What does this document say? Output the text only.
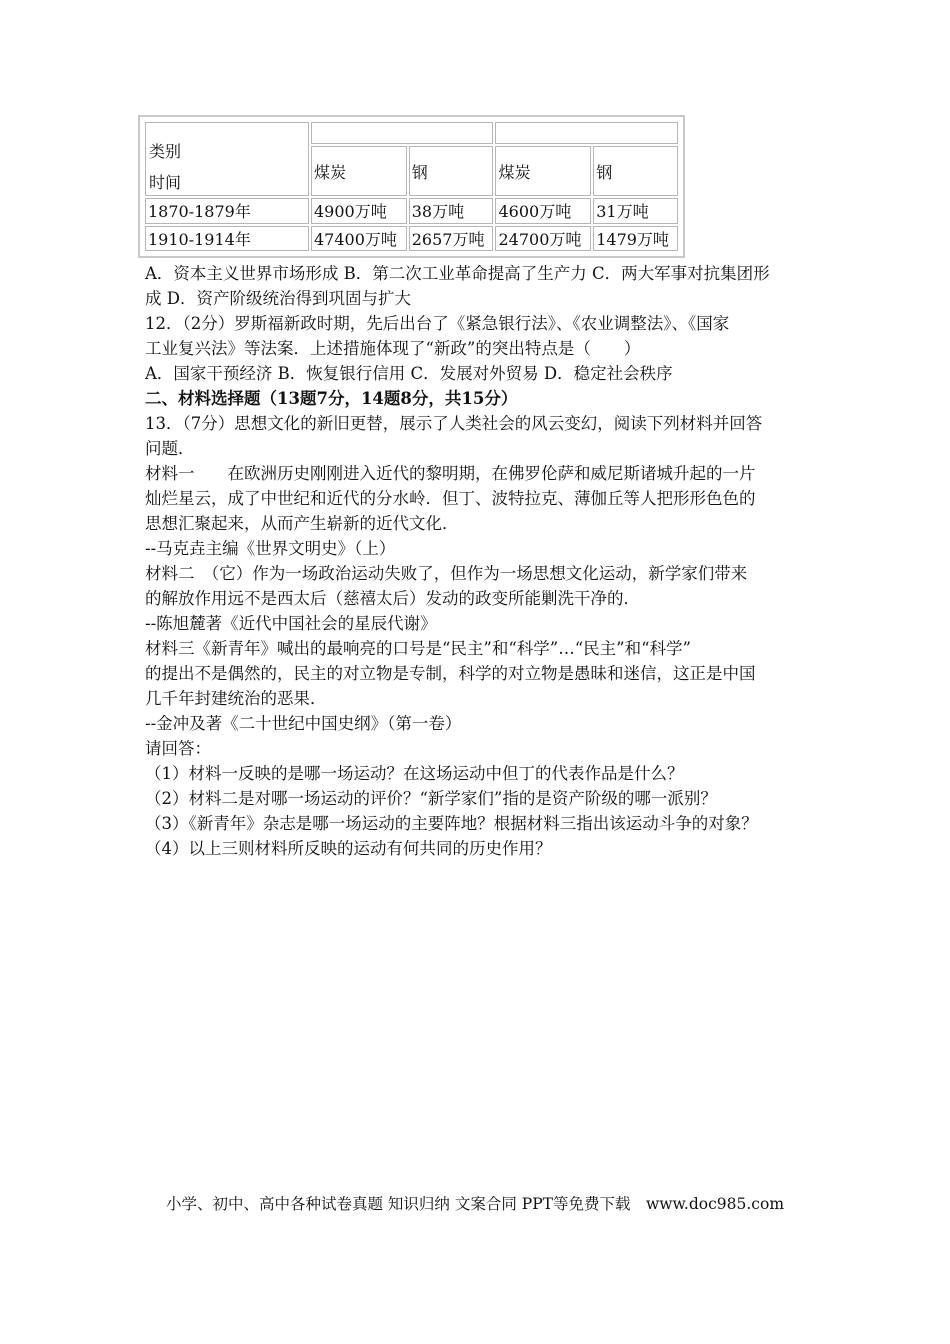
类别
时间				

	煤炭	钢	煤炭	钢
1870-1879年	4900万吨	38万吨	4600万吨	31万吨
1910-1914年	47400万吨	2657万吨	24700万吨	1479万吨
A．资本主义世界市场形成 B．第二次工业革命提高了生产力 C．两大军事对抗集团形
成 D．资产阶级统治得到巩固与扩大
12．（2分）罗斯福新政时期，先后出台了《紧急银行法》、《农业调整法》、《国家
工业复兴法》等法案．上述措施体现了“新政”的突出特点是（　　）
A．国家干预经济 B．恢复银行信用 C．发展对外贸易 D．稳定社会秩序
二、材料选择题（13题7分，14题8分，共15分）
13．（7分）思想文化的新旧更替，展示了人类社会的风云变幻，阅读下列材料并回答
问题．
材料一　　在欧洲历史刚刚进入近代的黎明期，在佛罗伦萨和威尼斯诸城升起的一片
灿烂星云，成了中世纪和近代的分水岭．但丁、波特拉克、薄伽丘等人把形形色色的
思想汇聚起来，从而产生崭新的近代文化．
--马克垚主编《世界文明史》（上）
材料二　（它）作为一场政治运动失败了，但作为一场思想文化运动，新学家们带来
的解放作用远不是西太后（慈禧太后）发动的政变所能剿洗干净的．
--陈旭麓著《近代中国社会的星辰代谢》
材料三《新青年》喊出的最响亮的口号是“民主”和“科学”…“民主”和“科学”
的提出不是偶然的，民主的对立物是专制，科学的对立物是愚昧和迷信，这正是中国
几千年封建统治的恶果．
--金冲及著《二十世纪中国史纲》（第一卷）
请回答：
（1）材料一反映的是哪一场运动？在这场运动中但丁的代表作品是什么？
（2）材料二是对哪一场运动的评价？“新学家们”指的是资产阶级的哪一派别？
（3）《新青年》杂志是哪一场运动的主要阵地？根据材料三指出该运动斗争的对象？
（4）以上三则材料所反映的运动有何共同的历史作用？
小学、初中、高中各种试卷真题 知识归纳 文案合同 PPT等免费下载　www.doc985.com
